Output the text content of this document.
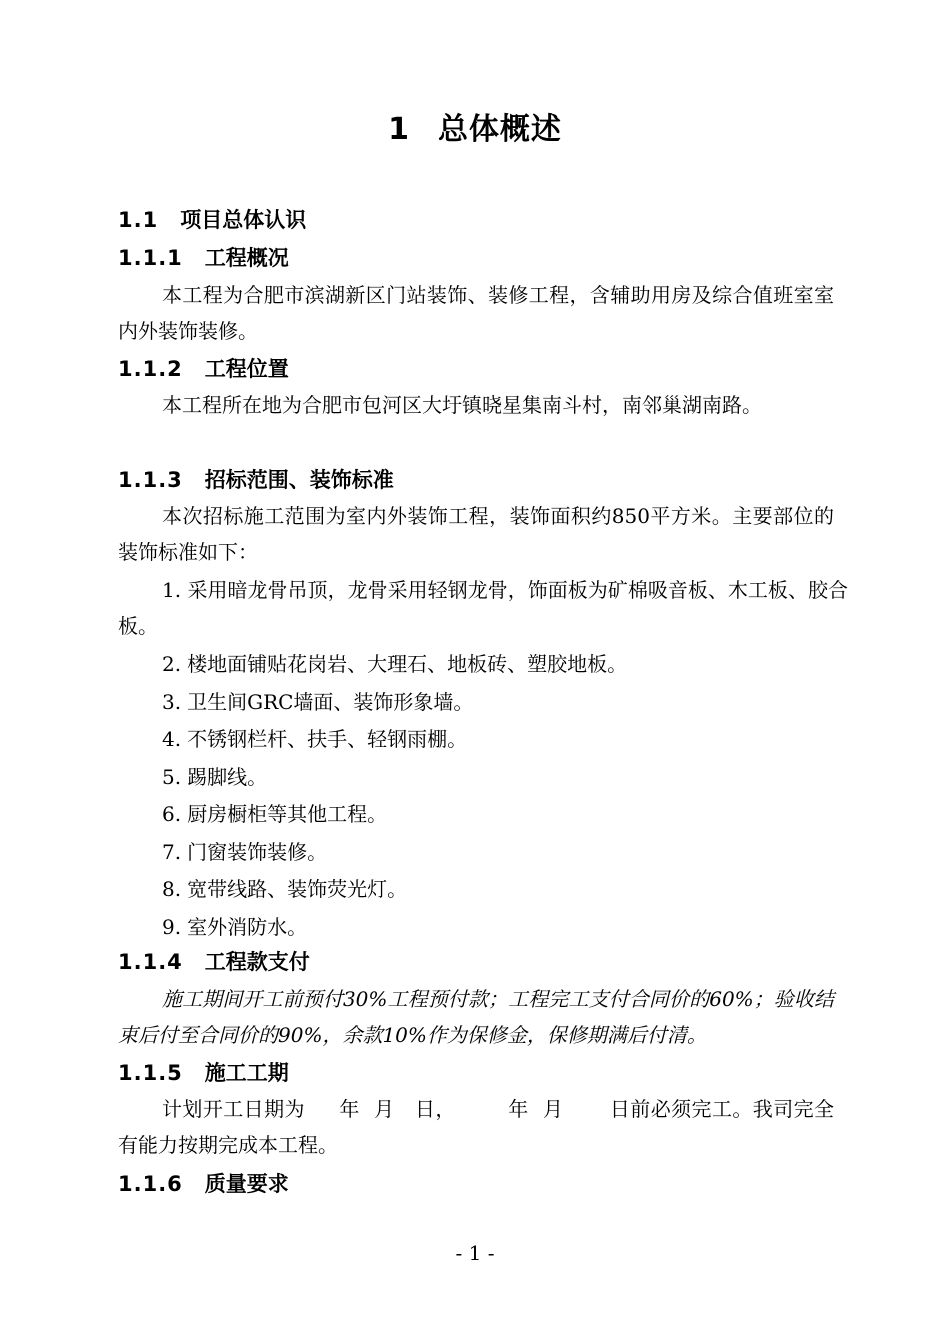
1 总体概述
1.1 项目总体认识
1.1.1 工程概况

本工程为合肥市滨湖新区门站装饰、装修工程，含辅助用房及综合值班室室内外装饰装修。

1.1.2 工程位置

本工程所在地为合肥市包河区大圩镇晓星集南斗村，南邻巢湖南路。

1.1.3 招标范围、装饰标准

本次招标施工范围为室内外装饰工程，装饰面积约850平方米。主要部位的装饰标准如下：

1. 采用暗龙骨吊顶，龙骨采用轻钢龙骨，饰面板为矿棉吸音板、木工板、胶合板。

2. 楼地面铺贴花岗岩、大理石、地板砖、塑胶地板。
3. 卫生间GRC墙面、装饰形象墙。
4. 不锈钢栏杆、扶手、轻钢雨棚。
5. 踢脚线。
6. 厨房橱柜等其他工程。
7. 门窗装饰装修。
8. 宽带线路、装饰荧光灯。
9. 室外消防水。
1.1.4 工程款支付

施工期间开工前预付30%工程预付款；工程完工支付合同价的60%；验收结束后付至合同价的90%，余款10%作为保修金，保修期满后付清。

1.1.5 施工工期
计划开工日期为 年 月 日，	年 月 日前必须完工。我司完全有能力按期完成本工程。
1.1.6 质量要求
- 1 -
